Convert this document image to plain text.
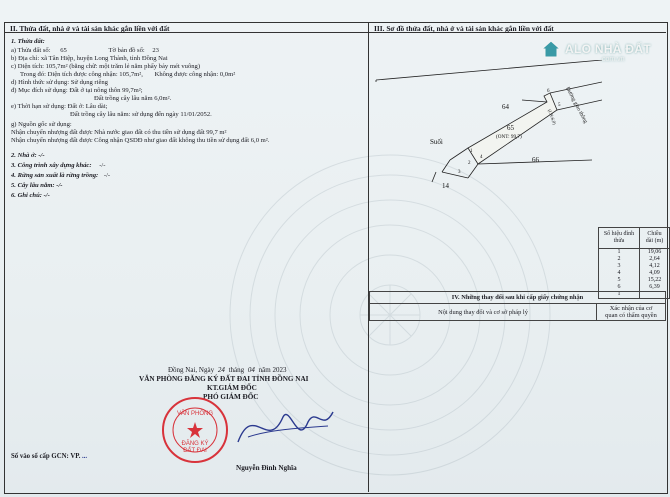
II. Thửa đất, nhà ở và tài sản khác gắn liền với đất
1. Thửa đất:
a) Thửa đất số: 65	Tờ bản đồ số: 23
b) Địa chỉ: xã Tân Hiệp, huyện Long Thành, tỉnh Đồng Nai
c) Diện tích: 105,7m² (bằng chữ: một trăm lẻ năm phẩy bảy mét vuông)
Trong đó: Diện tích được công nhận: 105,7m², Không được công nhận: 0,0m²
d) Hình thức sử dụng: Sử dụng riêng
đ) Mục đích sử dụng: Đất ở tại nông thôn 99,7m²;
Đất trồng cây lâu năm 6,0m².
e) Thời hạn sử dụng: Đất ở: Lâu dài;
Đất trồng cây lâu năm: sử dụng đến ngày 11/01/2052.
g) Nguồn gốc sử dụng:
Nhận chuyển nhượng đất được Nhà nước giao đất có thu tiền sử dụng đất 99,7 m²
Nhận chuyển nhượng đất được Công nhận QSDĐ như giao đất không thu tiền sử dụng đất 6,0 m².
2. Nhà ở: -/-
3. Công trình xây dựng khác: -/-
4. Rừng sản xuất là rừng trồng: -/-
5. Cây lâu năm: -/-
6. Ghi chú: -/-
Đồng Nai, Ngày 24 tháng 04 năm 2023
VĂN PHÒNG ĐĂNG KÝ ĐẤT ĐAI TỈNH ĐỒNG NAI
KT.GIÁM ĐỐC
PHÓ GIÁM ĐỐC
VĂN PHÒNG
ĐĂNG KÝ
ĐẤT ĐAI
Nguyễn Đình Nghĩa
Số vào sổ cấp GCN: VP. ...
III. Sơ đồ thửa đất, nhà ở và tài sản khác gắn liền với đất
ALO NHÀ ĐẤT
.com.vn
64
65
(ONT: 99,7)
66
Suối
14
Đường giao thông
(LN:6,0)
1
2
3
4
5
6
Số hiệu đỉnh thửa	Chiều dài (m)
1	19,06
2	2,64
3	4,12
4	4,09
5	15,22
6	6,39
1	
IV. Những thay đổi sau khi cấp giấy chứng nhận
Nội dung thay đổi và cơ sở pháp lý	Xác nhận của cơ
quan có thẩm quyền
